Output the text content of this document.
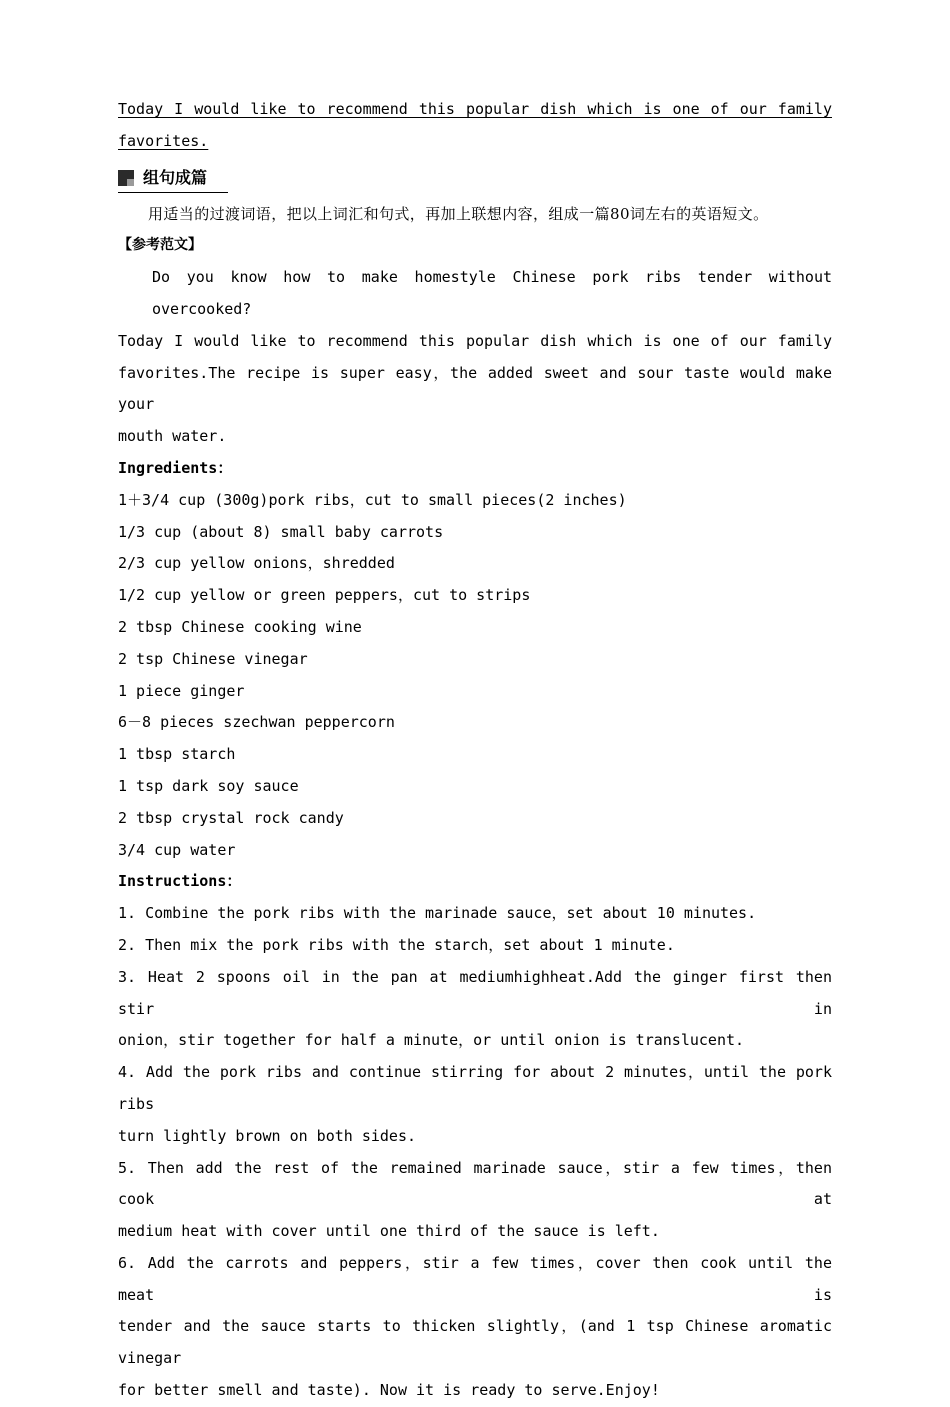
Today I would like to recommend this popular dish which is one of our family
favorites.
组句成篇
用适当的过渡词语，把以上词汇和句式，再加上联想内容，组成一篇80词左右的英语短文。
【参考范文】
Do you know how to make homestyle Chinese pork ribs tender without overcooked?
Today I would like to recommend this popular dish which is one of our family
favorites.The recipe is super easy，the added sweet and sour taste would make your
mouth water.
Ingredients：
1＋3/4 cup (300g)pork ribs，cut to small pieces(2 inches)
1/3 cup (about 8) small baby carrots
2/3 cup yellow onions，shredded
1/2 cup yellow or green peppers，cut to strips
2 tbsp Chinese cooking wine
2 tsp Chinese vinegar
1 piece ginger
6－8 pieces szechwan peppercorn
1 tbsp starch
1 tsp dark soy sauce
2 tbsp crystal rock candy
3/4 cup water
Instructions：
1. Combine the pork ribs with the marinade sauce，set about 10 minutes.
2. Then mix the pork ribs with the starch，set about 1 minute.
3. Heat 2 spoons oil in the pan at mediumhighheat.Add the ginger first then stir in
onion，stir together for half a minute，or until onion is translucent.
4. Add the pork ribs and continue stirring for about 2 minutes，until the pork ribs
turn lightly brown on both sides.
5. Then add the rest of the remained marinade sauce，stir a few times，then cook at
medium heat with cover until one third of the sauce is left.
6. Add the carrots and peppers，stir a few times，cover then cook until the meat is
tender and the sauce starts to thicken slightly，(and 1 tsp Chinese aromatic vinegar
for better smell and taste). Now it is ready to serve.Enjoy!
